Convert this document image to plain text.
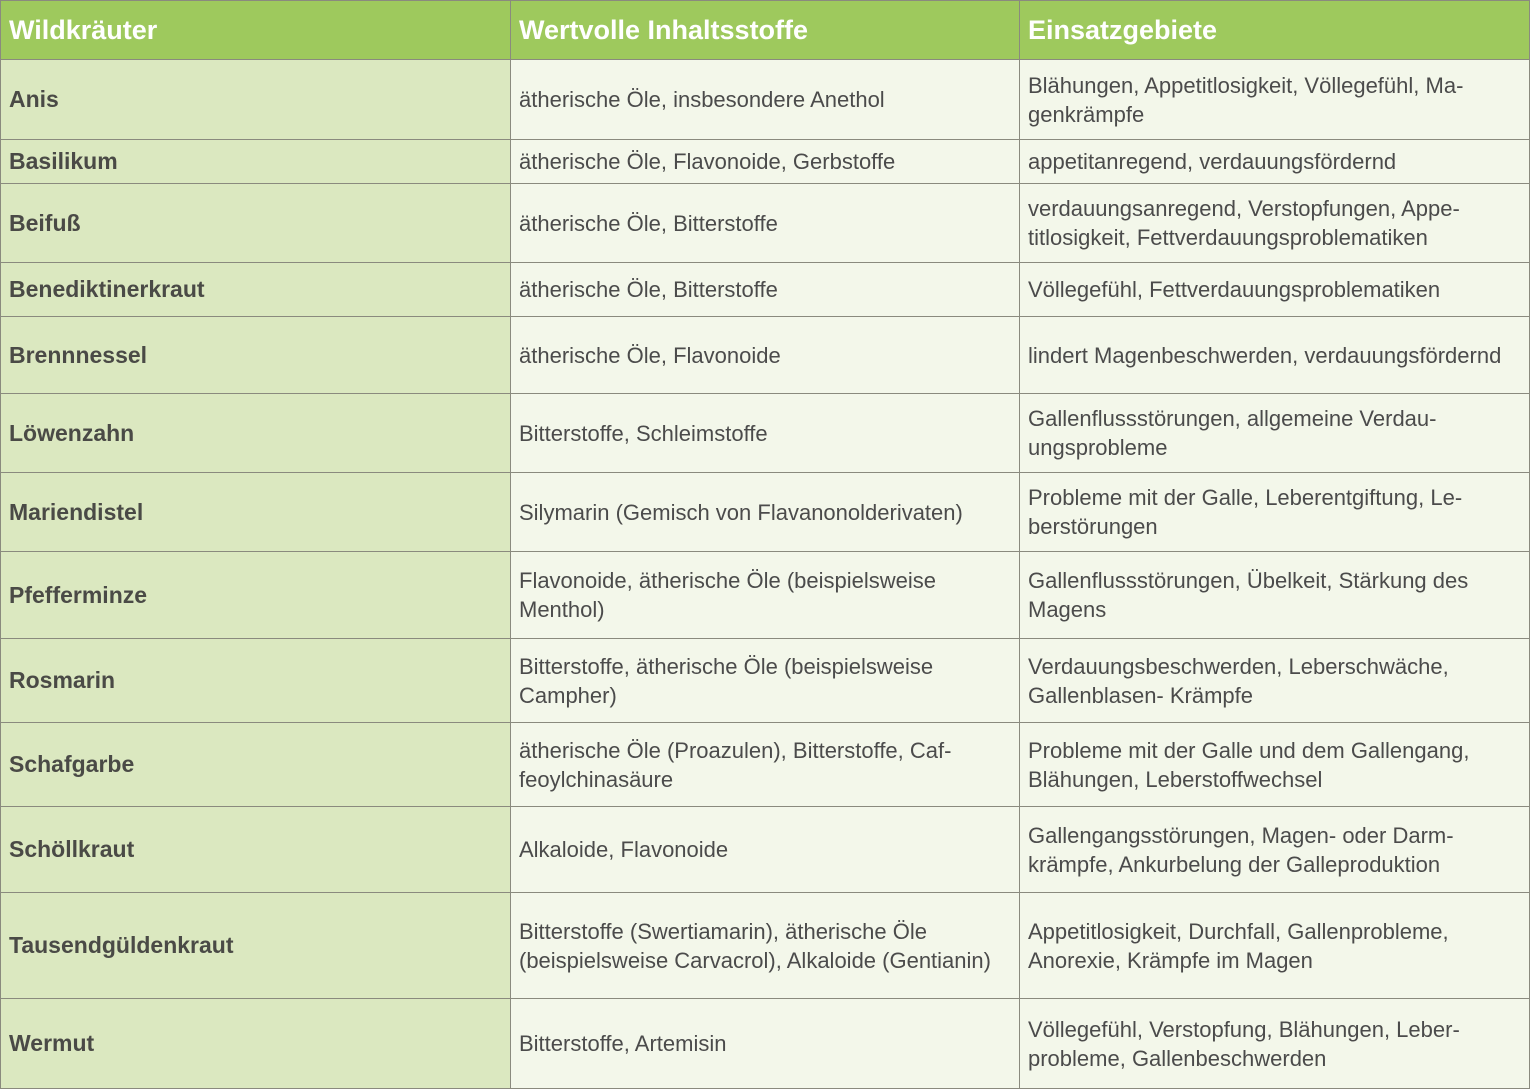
Wildkräuter	Wertvolle Inhaltsstoffe	Einsatzgebiete
Anis	ätherische Öle, insbesondere Anethol	Blähungen, Appetitlosigkeit, Völlegefühl, Magenkrämpfe
Basilikum	ätherische Öle, Flavonoide, Gerbstoffe	appetitanregend, verdauungsfördernd
Beifuß	ätherische Öle, Bitterstoffe	verdauungsanregend, Verstopfungen, Appetitlosigkeit, Fettverdauungsproblematiken
Benediktinerkraut	ätherische Öle, Bitterstoffe	Völlegefühl, Fettverdauungsproblematiken
Brennnessel	ätherische Öle, Flavonoide	lindert Magenbeschwerden, verdauungsfördernd
Löwenzahn	Bitterstoffe, Schleimstoffe	Gallenflussstörungen, allgemeine Verdauungsprobleme
Mariendistel	Silymarin (Gemisch von Flavanonolderivaten)	Probleme mit der Galle, Leberentgiftung, Leberstörungen
Pfefferminze	Flavonoide, ätherische Öle (beispielsweise Menthol)	Gallenflussstörungen, Übelkeit, Stärkung des Magens
Rosmarin	Bitterstoffe, ätherische Öle (beispielsweise Campher)	Verdauungsbeschwerden, Leberschwäche, Gallenblasen- Krämpfe
Schafgarbe	ätherische Öle (Proazulen), Bitterstoffe, Caffeoylchinasäure	Probleme mit der Galle und dem Gallengang, Blähungen, Leberstoffwechsel
Schöllkraut	Alkaloide, Flavonoide	Gallengangsstörungen, Magen- oder Darmkrämpfe, Ankurbelung der Galleproduktion
Tausendgüldenkraut	Bitterstoffe (Swertiamarin), ätherische Öle (beispielsweise Carvacrol), Alkaloide (Gentianin)	Appetitlosigkeit, Durchfall, Gallenprobleme, Anorexie, Krämpfe im Magen
Wermut	Bitterstoffe, Artemisin	Völlegefühl, Verstopfung, Blähungen, Leberprobleme, Gallenbeschwerden
